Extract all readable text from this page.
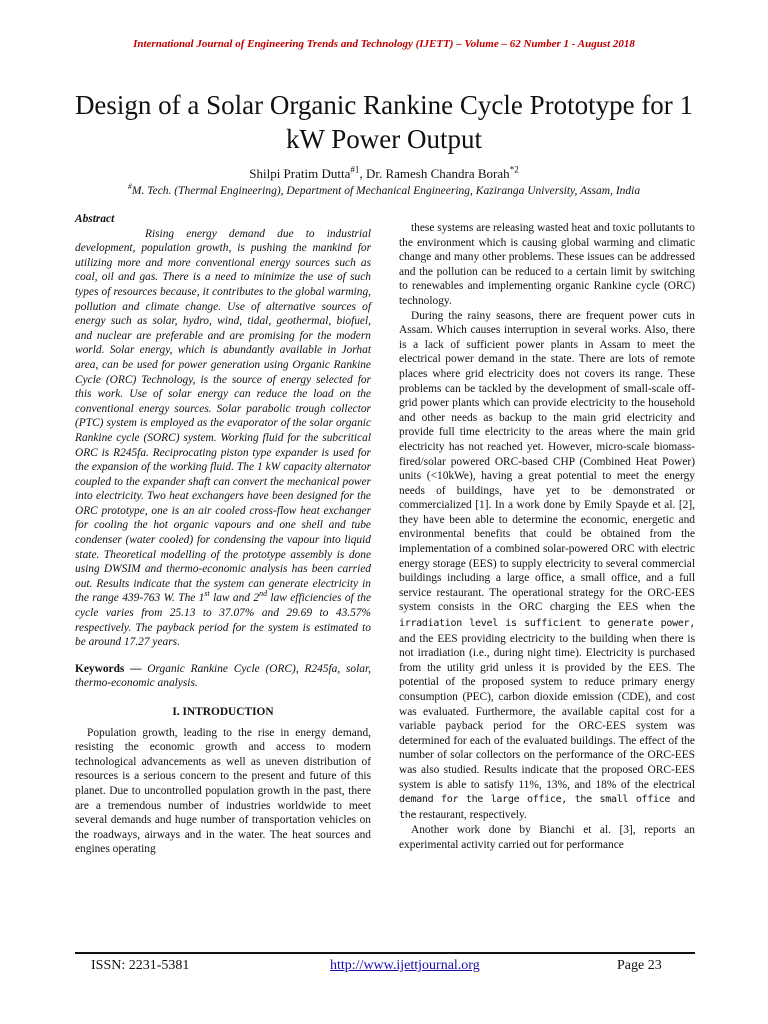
International Journal of Engineering Trends and Technology (IJETT) – Volume – 62 Number 1 - August 2018
Design of a Solar Organic Rankine Cycle Prototype for 1 kW Power Output
Shilpi Pratim Dutta$^{\#1}$, Dr. Ramesh Chandra Borah$^{*2}$
#M. Tech. (Thermal Engineering), Department of Mechanical Engineering, Kaziranga University, Assam, India
Abstract

Rising energy demand due to industrial development, population growth, is pushing the mankind for utilizing more and more conventional energy sources such as coal, oil and gas. There is a need to minimize the use of such types of resources because, it contributes to the global warming, pollution and climate change. Use of alternative sources of energy such as solar, hydro, wind, tidal, geothermal, biofuel, and nuclear are preferable and are promising for the modern world. Solar energy, which is abundantly available in Jorhat area, can be used for power generation using Organic Rankine Cycle (ORC) Technology, is the source of energy selected for this work. Use of solar energy can reduce the load on the conventional energy sources. Solar parabolic trough collector (PTC) system is employed as the evaporator of the solar organic Rankine cycle (SORC) system. Working fluid for the subcritical ORC is R245fa. Reciprocating piston type expander is used for the expansion of the working fluid. The 1 kW capacity alternator coupled to the expander shaft can convert the mechanical power into electricity. Two heat exchangers have been designed for the ORC prototype, one is an air cooled cross-flow heat exchanger for cooling the hot organic vapours and one shell and tube condenser (water cooled) for condensing the vapour into liquid state. Theoretical modelling of the prototype assembly is done using DWSIM and thermo-economic analysis has been carried out. Results indicate that the system can generate electricity in the range 439-763 W. The 1st law and 2nd law efficiencies of the cycle varies from 25.13 to 37.07% and 29.69 to 43.57% respectively. The payback period for the system is estimated to be around 17.27 years.

Keywords — Organic Rankine Cycle (ORC), R245fa, solar, thermo-economic analysis.

I. INTRODUCTION

Population growth, leading to the rise in energy demand, resisting the economic growth and access to modern technological advancements as well as uneven distribution of resources is a serious concern to the present and future of this planet. Due to uncontrolled population growth in the past, there are a tremendous number of industries worldwide to meet several demands and huge number of transportation vehicles on the roadways, airways and in the water. The heat sources and engines operating

these systems are releasing wasted heat and toxic pollutants to the environment which is causing global warming and climatic change and many other problems. These issues can be addressed and the pollution can be reduced to a certain limit by switching to renewables and implementing organic Rankine cycle (ORC) technology.

During the rainy seasons, there are frequent power cuts in Assam. Which causes interruption in several works. Also, there is a lack of sufficient power plants in Assam to meet the electrical power demand in the state. There are lots of remote places where grid electricity does not covers its range. These problems can be tackled by the development of small-scale off-grid power plants which can provide electricity to the household and other needs as backup to the main grid electricity and provide full time electricity to the areas where the main grid electricity has not reached yet. However, micro-scale biomass-fired/solar powered ORC-based CHP (Combined Heat Power) units (<10kWe), having a great potential to meet the energy needs of buildings, have yet to be demonstrated or commercialized [1]. In a work done by Emily Spayde et al. [2], they have been able to determine the economic, energetic and environmental benefits that could be obtained from the implementation of a combined solar-powered ORC with electric energy storage (EES) to supply electricity to several commercial buildings including a large office, a small office, and a full service restaurant. The operational strategy for the ORC-EES system consists in the ORC charging the EES when the irradiation level is sufficient to generate power, and the EES providing electricity to the building when there is not irradiation (i.e., during night time). Electricity is purchased from the utility grid unless it is provided by the EES. The potential of the proposed system to reduce primary energy consumption (PEC), carbon dioxide emission (CDE), and cost was evaluated. Furthermore, the available capital cost for a variable payback period for the ORC-EES system was determined for each of the evaluated buildings. The effect of the number of solar collectors on the performance of the ORC-EES was also studied. Results indicate that the proposed ORC-EES system is able to satisfy 11%, 13%, and 18% of the electrical demand for the large office, the small office and the restaurant, respectively.

Another work done by Bianchi et al. [3], reports an experimental activity carried out for performance

ISSN: 2231-5381	http://www.ijettjournal.org	Page 23
